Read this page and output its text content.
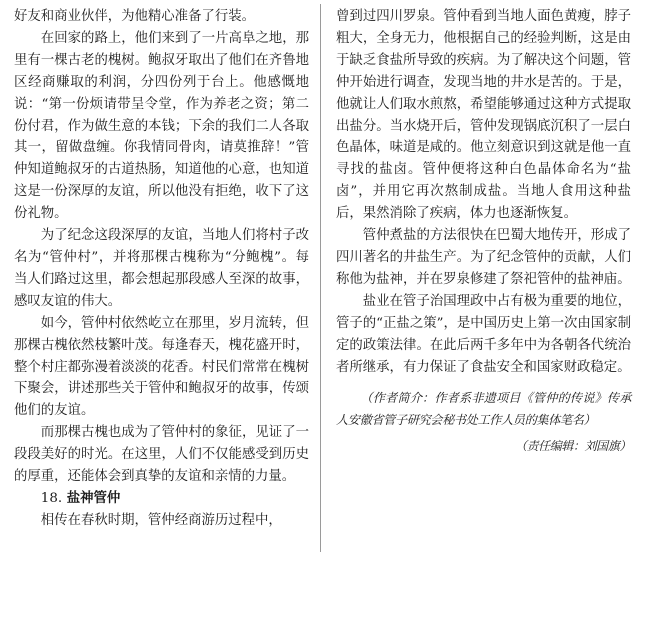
好友和商业伙伴，为他精心准备了行装。

在回家的路上，他们来到了一片高阜之地，那里有一棵古老的槐树。鲍叔牙取出了他们在齐鲁地区经商赚取的利润，分四份列于台上。他感慨地说：“第一份烦请带呈令堂，作为养老之资；第二份付君，作为做生意的本钱；下余的我们二人各取其一，留做盘缠。你我情同骨肉，请莫推辞！”管仲知道鲍叔牙的古道热肠，知道他的心意，也知道这是一份深厚的友谊，所以他没有拒绝，收下了这份礼物。

为了纪念这段深厚的友谊，当地人们将村子改名为“管仲村”，并将那棵古槐称为“分鲍槐”。每当人们路过这里，都会想起那段感人至深的故事，感叹友谊的伟大。

如今，管仲村依然屹立在那里，岁月流转，但那棵古槐依然枝繁叶茂。每逢春天，槐花盛开时，整个村庄都弥漫着淡淡的花香。村民们常常在槐树下聚会，讲述那些关于管仲和鲍叔牙的故事，传颂他们的友谊。

而那棵古槐也成为了管仲村的象征，见证了一段段美好的时光。在这里，人们不仅能感受到历史的厚重，还能体会到真挚的友谊和亲情的力量。

18. 盐神管仲

相传在春秋时期，管仲经商游历过程中，

曾到过四川罗泉。管仲看到当地人面色黄瘦，脖子粗大，全身无力，他根据自己的经验判断，这是由于缺乏食盐所导致的疾病。为了解决这个问题，管仲开始进行调查，发现当地的井水是苦的。于是，他就让人们取水煎熬，希望能够通过这种方式提取出盐分。当水烧开后，管仲发现锅底沉积了一层白色晶体，味道是咸的。他立刻意识到这就是他一直寻找的盐卤。管仲便将这种白色晶体命名为“盐卤”，并用它再次熬制成盐。当地人食用这种盐后，果然消除了疾病，体力也逐渐恢复。

管仲煮盐的方法很快在巴蜀大地传开，形成了四川著名的井盐生产。为了纪念管仲的贡献，人们称他为盐神，并在罗泉修建了祭祀管仲的盐神庙。

盐业在管子治国理政中占有极为重要的地位，管子的“正盐之策”，是中国历史上第一次由国家制定的政策法律。在此后两千多年中为各朝各代统治者所继承，有力保证了食盐安全和国家财政稳定。

（作者简介：作者系非遗项目《管仲的传说》传承人安徽省管子研究会秘书处工作人员的集体笔名）

（责任编辑：刘国旗）
